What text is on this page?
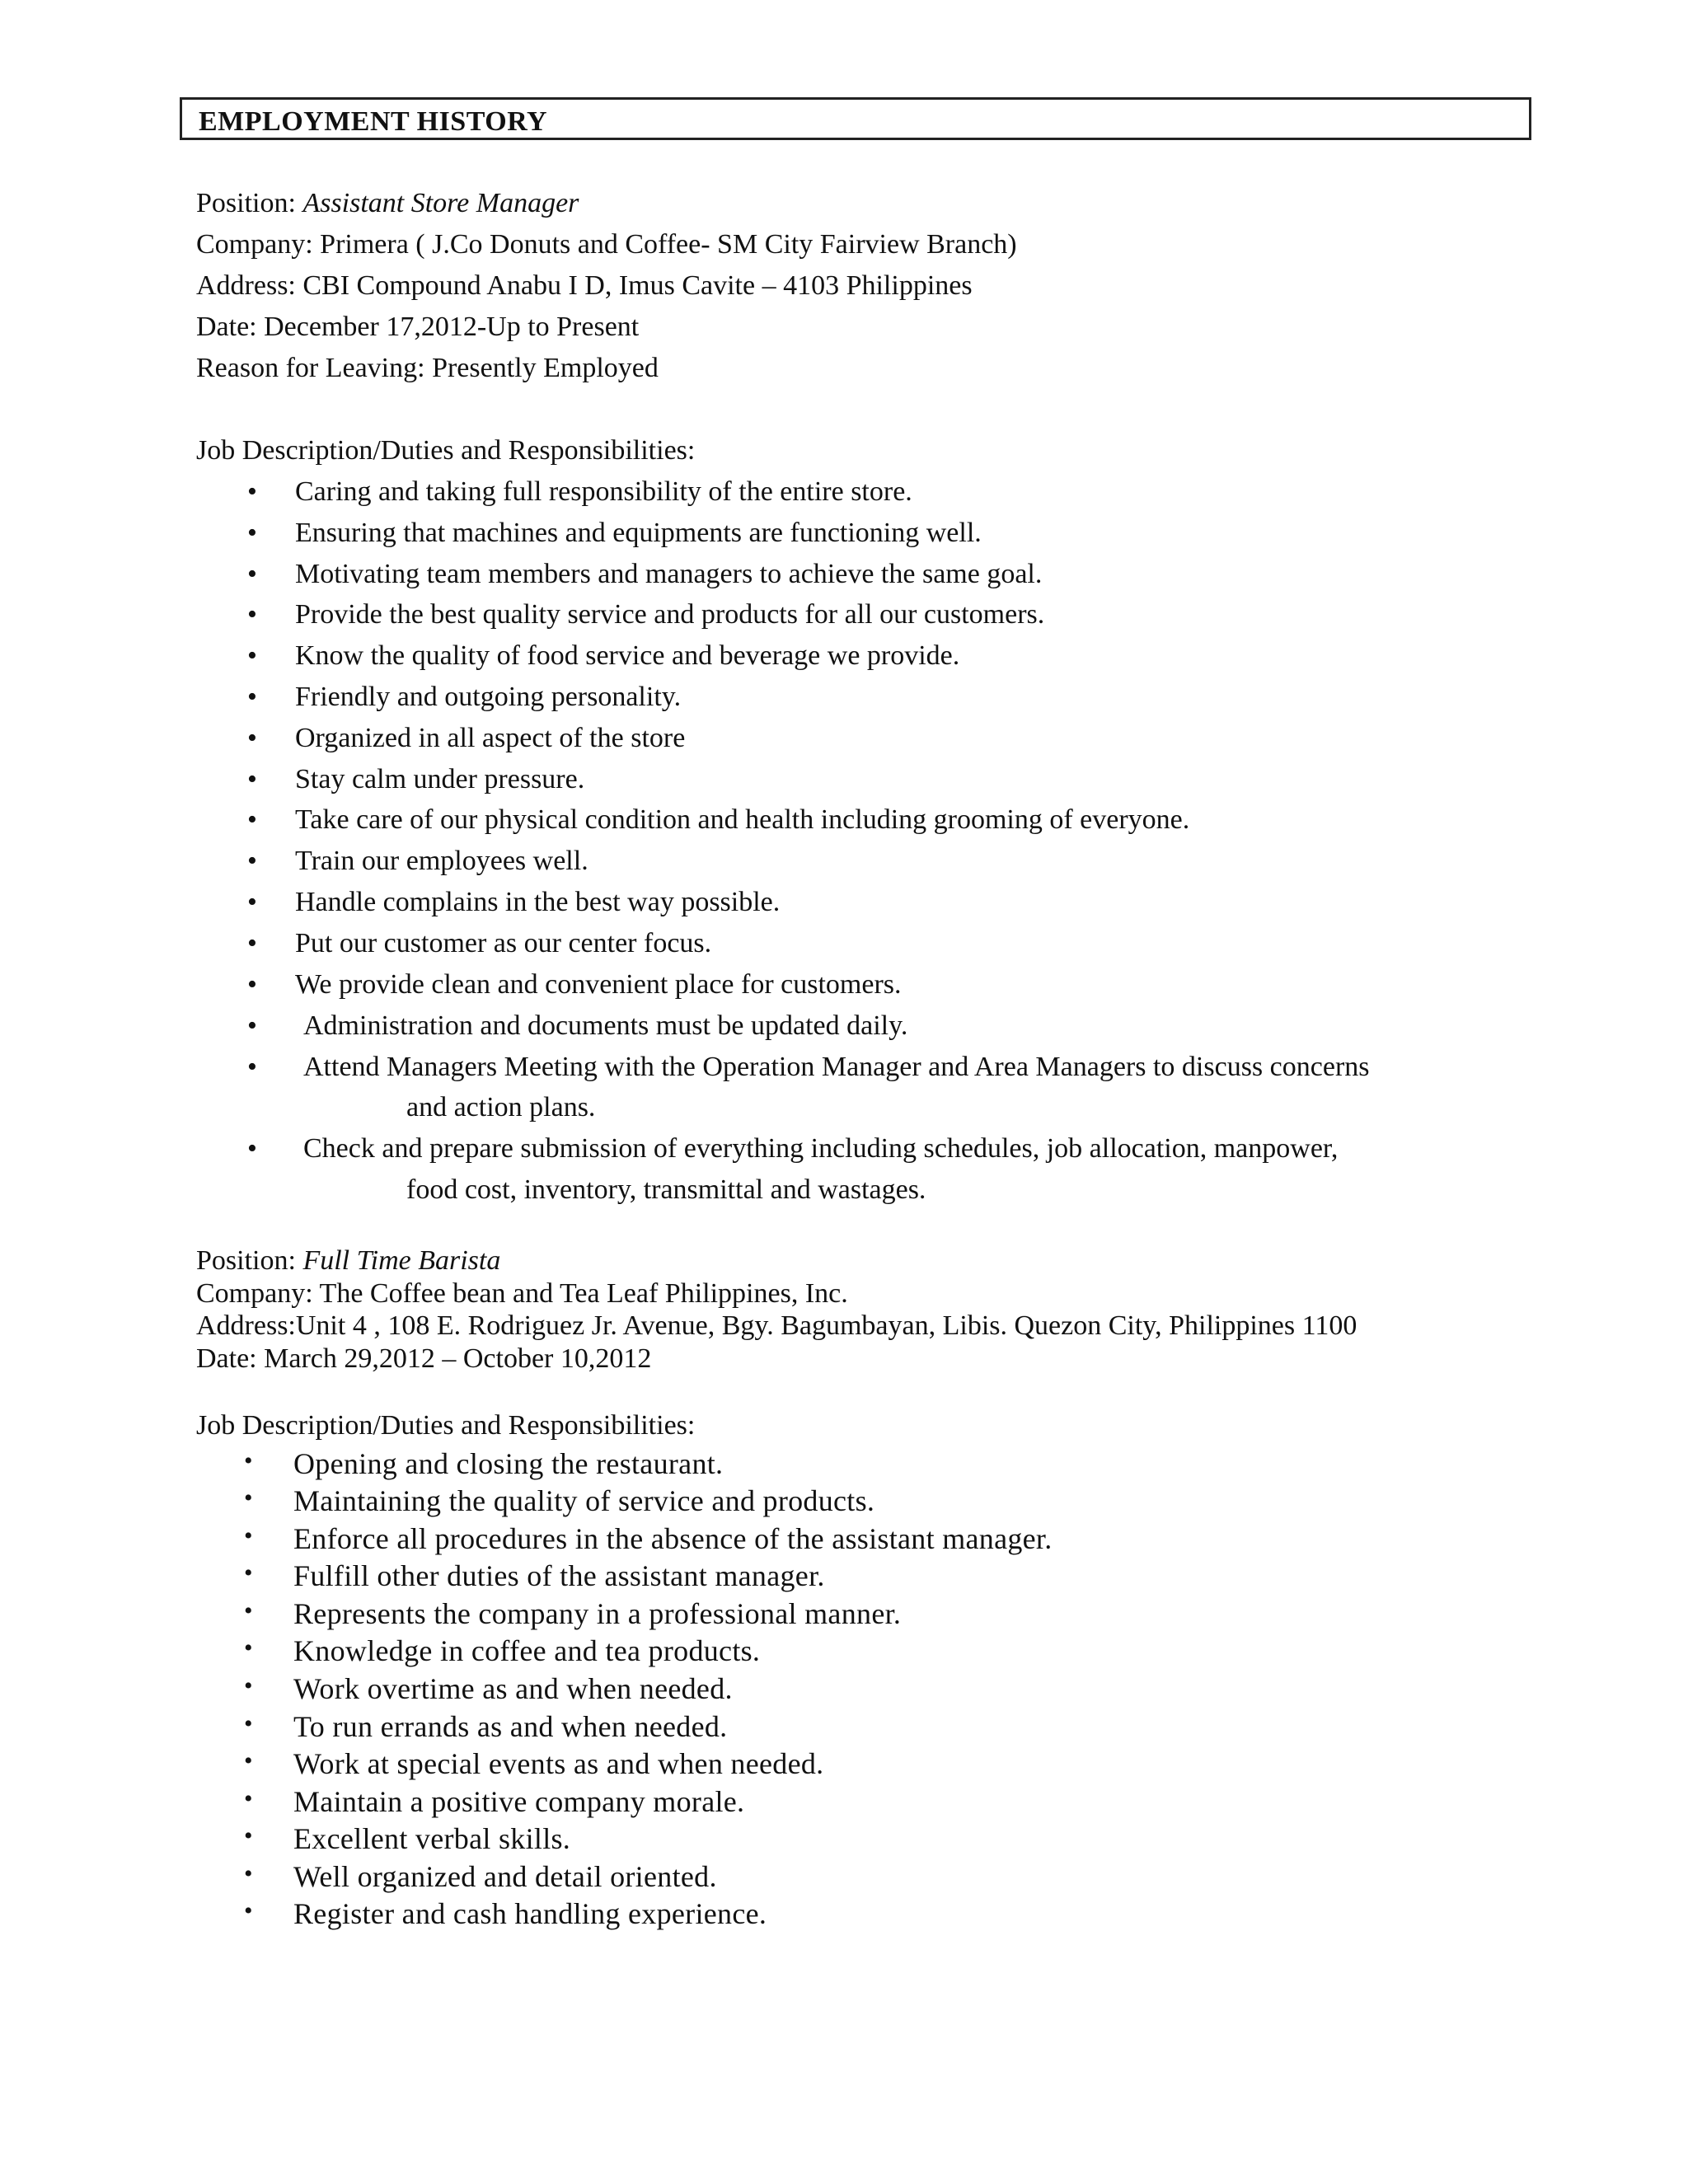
EMPLOYMENT HISTORY
Position: Assistant Store Manager
Company: Primera ( J.Co Donuts and Coffee- SM City Fairview Branch)
Address: CBI Compound Anabu I D, Imus Cavite – 4103 Philippines
Date: December 17,2012-Up to Present
Reason for Leaving: Presently Employed
Job Description/Duties and Responsibilities:
• Caring and taking full responsibility of the entire store.
• Ensuring that machines and equipments are functioning well.
• Motivating team members and managers to achieve the same goal.
• Provide the best quality service and products for all our customers.
• Know the quality of food service and beverage we provide.
• Friendly and outgoing personality.
• Organized in all aspect of the store
• Stay calm under pressure.
• Take care of our physical condition and health including grooming of everyone.
• Train our employees well.
• Handle complains in the best way possible.
• Put our customer as our center focus.
• We provide clean and convenient place for customers.
• Administration and documents must be updated daily.
• Attend Managers Meeting with the Operation Manager and Area Managers to discuss concerns
and action plans.
• Check and prepare submission of everything including schedules, job allocation, manpower,
food cost, inventory, transmittal and wastages.
Position: Full Time Barista
Company: The Coffee bean and Tea Leaf Philippines, Inc.
Address:Unit 4 , 108 E. Rodriguez Jr. Avenue, Bgy. Bagumbayan, Libis. Quezon City, Philippines 1100
Date: March 29,2012 – October 10,2012
Job Description/Duties and Responsibilities:
• Opening and closing the restaurant.
• Maintaining the quality of service and products.
• Enforce all procedures in the absence of the assistant manager.
• Fulfill other duties of the assistant manager.
• Represents the company in a professional manner.
• Knowledge in coffee and tea products.
• Work overtime as and when needed.
• To run errands as and when needed.
• Work at special events as and when needed.
• Maintain a positive company morale.
• Excellent verbal skills.
• Well organized and detail oriented.
• Register and cash handling experience.
